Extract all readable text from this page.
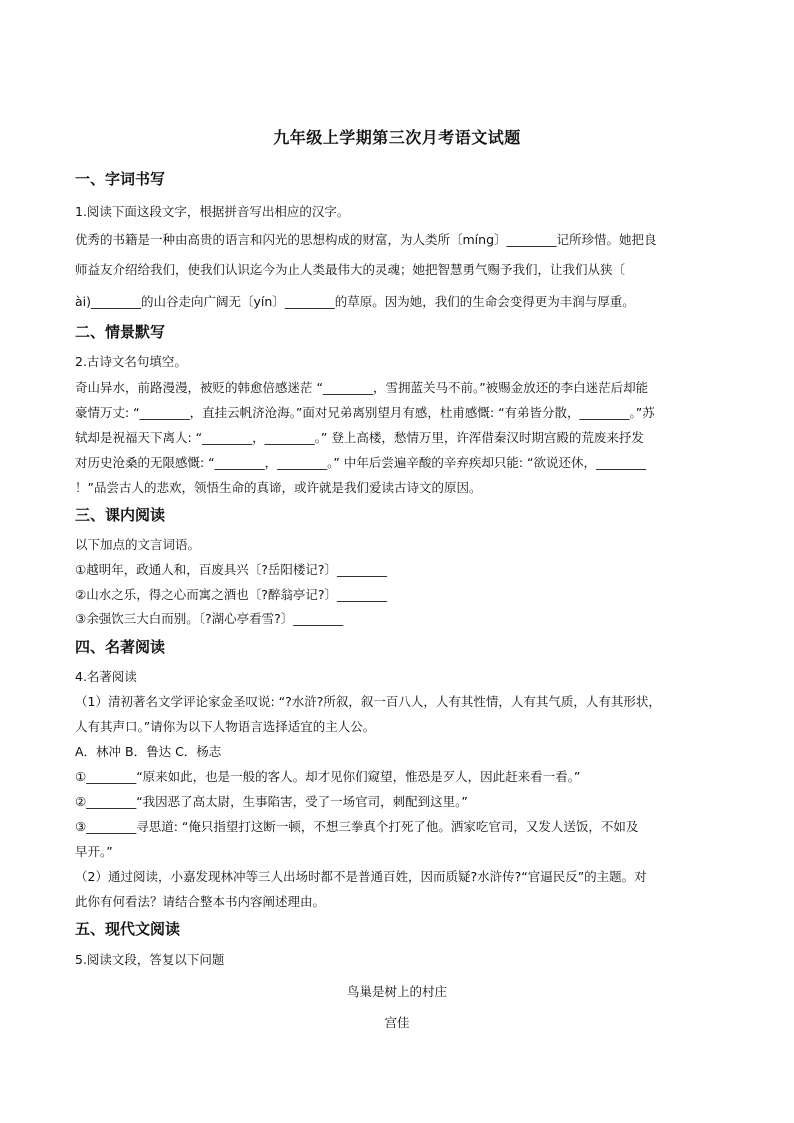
九年级上学期第三次月考语文试题
一、字词书写
1.阅读下面这段文字，根据拼音写出相应的汉字。
优秀的书籍是一种由高贵的语言和闪光的思想构成的财富，为人类所〔míng〕________记所珍惜。她把良
师益友介绍给我们，使我们认识迄今为止人类最伟大的灵魂；她把智慧勇气赐予我们，让我们从狭〔
ài)________的山谷走向广阔无〔yín〕________的草原。因为她，我们的生命会变得更为丰润与厚重。
二、情景默写
2.古诗文名句填空。
奇山异水，前路漫漫，被贬的韩愈倍感迷茫 “________，雪拥蓝关马不前。”被赐金放还的李白迷茫后却能
豪情万丈: “________，直挂云帆济沧海。”面对兄弟离别望月有感，杜甫感慨: “有弟皆分散，________。”苏
轼却是祝福天下离人: “________，________。” 登上高楼，愁情万里，许浑借秦汉时期宫殿的荒废来抒发
对历史沧桑的无限感慨: “________，________。” 中年后尝遍辛酸的辛弃疾却只能: “欲说还休，________
！”品尝古人的悲欢，领悟生命的真谛，或许就是我们爱读古诗文的原因。
三、课内阅读
以下加点的文言词语。
①越明年，政通人和，百废具兴〔?岳阳楼记?〕________
②山水之乐，得之心而寓之酒也〔?醉翁亭记?〕________
③余强饮三大白而别。〔?湖心亭看雪?〕________
四、名著阅读
4.名著阅读
（1）清初著名文学评论家金圣叹说: “?水浒?所叙，叙一百八人，人有其性情，人有其气质，人有其形状，
人有其声口。”请你为以下人物语言选择适宜的主人公。
A．林冲 B．鲁达 C．杨志
①________“原来如此，也是一般的客人。却才见你们窥望，惟恐是歹人，因此赶来看一看。”
②________“我因恶了高太尉，生事陷害，受了一场官司，刺配到这里。”
③________寻思道: “俺只指望打这断一顿，不想三拳真个打死了他。洒家吃官司，又发人送饭，不如及
早开。”
（2）通过阅读，小嘉发现林冲等三人出场时都不是普通百姓，因而质疑?水浒传?“官逼民反”的主题。对
此你有何看法？请结合整本书内容阐述理由。
五、现代文阅读
5.阅读文段，答复以下问题
鸟巢是树上的村庄
宫佳
